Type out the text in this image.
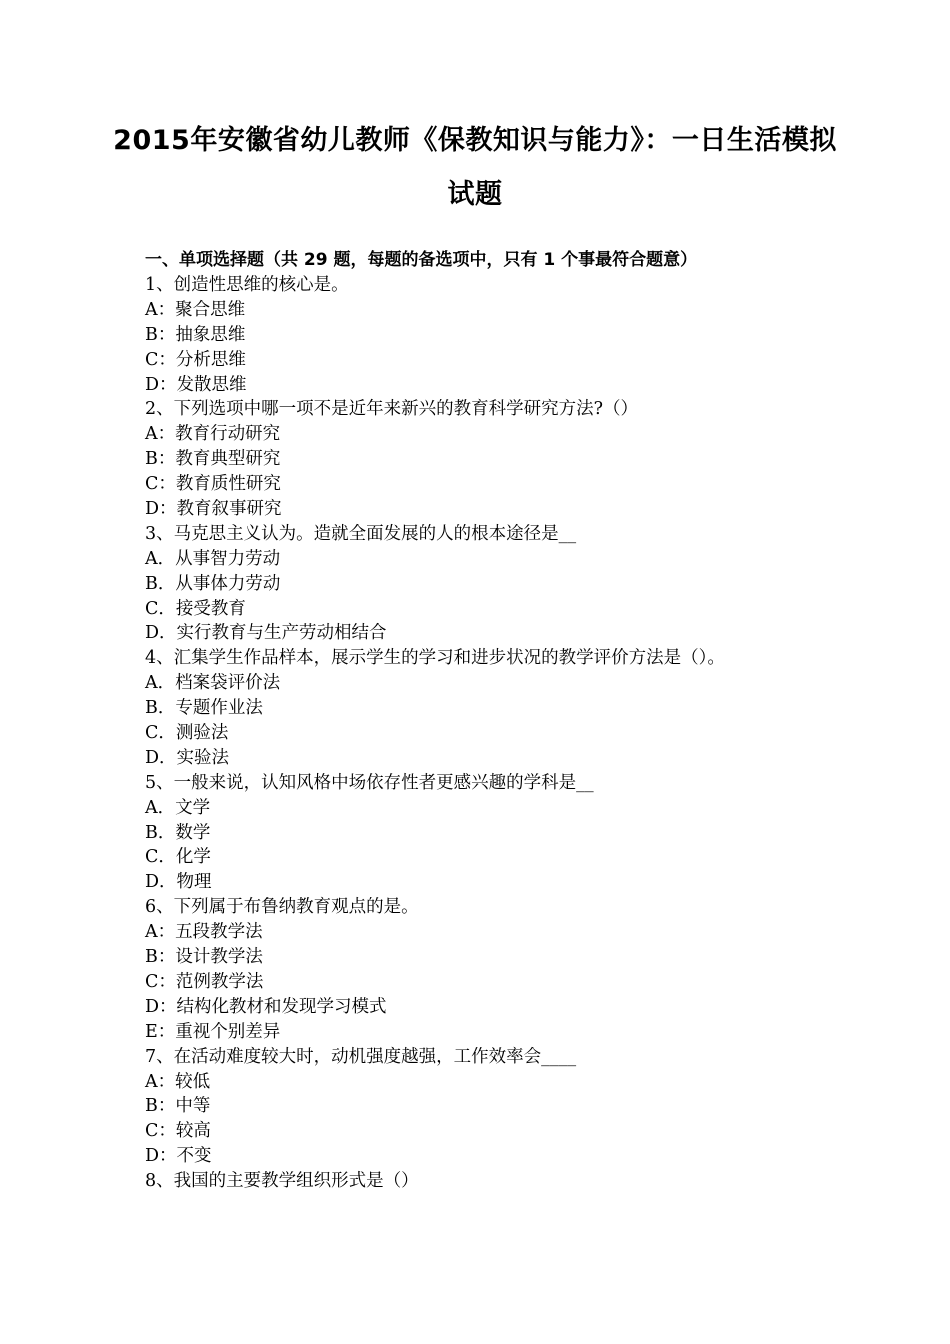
2015年安徽省幼儿教师《保教知识与能力》：一日生活模拟
试题
一、单项选择题（共 29 题，每题的备选项中，只有 1 个事最符合题意）
1、创造性思维的核心是。
A：聚合思维
B：抽象思维
C：分析思维
D：发散思维
2、下列选项中哪一项不是近年来新兴的教育科学研究方法?（）
A：教育行动研究
B：教育典型研究
C：教育质性研究
D：教育叙事研究
3、马克思主义认为。造就全面发展的人的根本途径是__
A．从事智力劳动
B．从事体力劳动
C．接受教育
D．实行教育与生产劳动相结合
4、汇集学生作品样本，展示学生的学习和进步状况的教学评价方法是（）。
A．档案袋评价法
B．专题作业法
C．测验法
D．实验法
5、一般来说，认知风格中场依存性者更感兴趣的学科是__
A．文学
B．数学
C．化学
D．物理
6、下列属于布鲁纳教育观点的是。
A：五段教学法
B：设计教学法
C：范例教学法
D：结构化教材和发现学习模式
E：重视个别差异
7、在活动难度较大时，动机强度越强，工作效率会____
A：较低
B：中等
C：较高
D：不变
8、我国的主要教学组织形式是（）
